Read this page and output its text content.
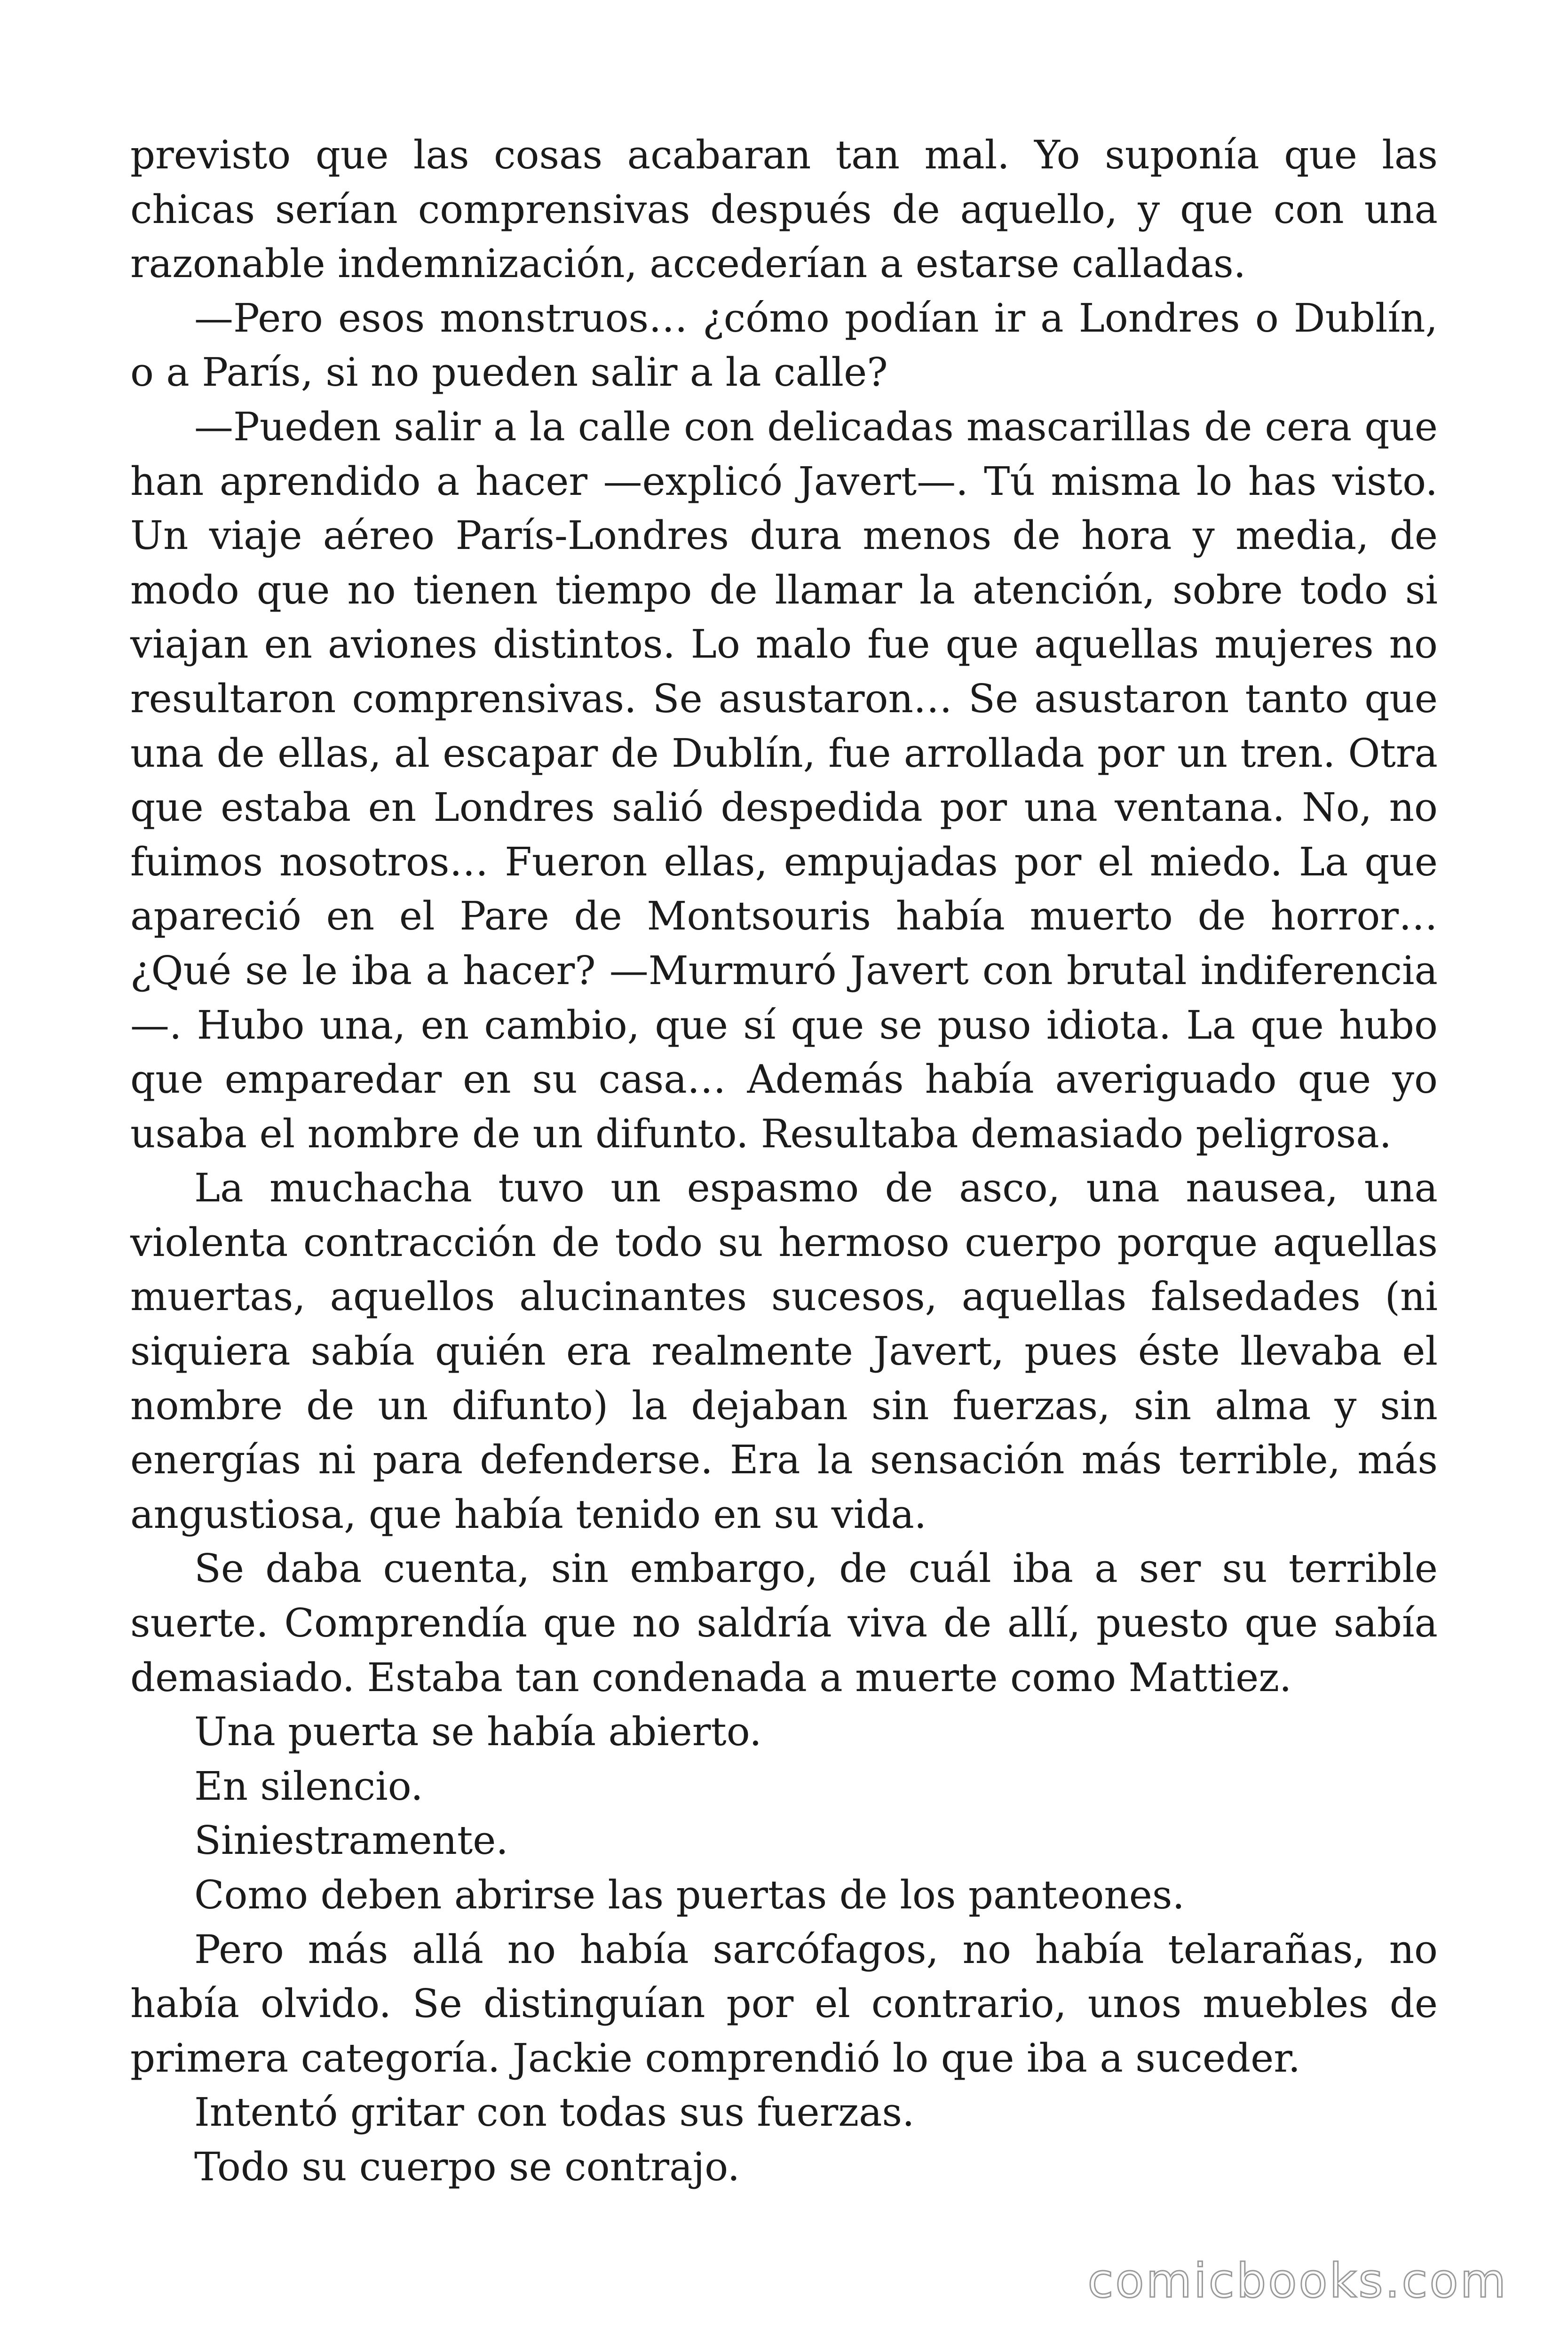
previsto que las cosas acabaran tan mal. Yo suponía que las chicas serían comprensivas después de aquello, y que con una razonable indemnización, accederían a estarse calladas.

—Pero esos monstruos… ¿cómo podían ir a Londres o Dublín, o a París, si no pueden salir a la calle?

—Pueden salir a la calle con delicadas mascarillas de cera que han aprendido a hacer —explicó Javert—. Tú misma lo has visto. Un viaje aéreo París-Londres dura menos de hora y media, de modo que no tienen tiempo de llamar la atención, sobre todo si viajan en aviones distintos. Lo malo fue que aquellas mujeres no resultaron comprensivas. Se asustaron… Se asustaron tanto que una de ellas, al escapar de Dublín, fue arrollada por un tren. Otra que estaba en Londres salió despedida por una ventana. No, no fuimos nosotros… Fueron ellas, empujadas por el miedo. La que apareció en el Pare de Montsouris había muerto de horror… ¿Qué se le iba a hacer? —Murmuró Javert con brutal indiferencia—. Hubo una, en cambio, que sí que se puso idiota. La que hubo que emparedar en su casa… Además había averiguado que yo usaba el nombre de un difunto. Resultaba demasiado peligrosa.

La muchacha tuvo un espasmo de asco, una nausea, una violenta contracción de todo su hermoso cuerpo porque aquellas muertas, aquellos alucinantes sucesos, aquellas falsedades (ni siquiera sabía quién era realmente Javert, pues éste llevaba el nombre de un difunto) la dejaban sin fuerzas, sin alma y sin energías ni para defenderse. Era la sensación más terrible, más angustiosa, que había tenido en su vida.

Se daba cuenta, sin embargo, de cuál iba a ser su terrible suerte. Comprendía que no saldría viva de allí, puesto que sabía demasiado. Estaba tan condenada a muerte como Mattiez.

Una puerta se había abierto.

En silencio.

Siniestramente.

Como deben abrirse las puertas de los panteones.

Pero más allá no había sarcófagos, no había telarañas, no había olvido. Se distinguían por el contrario, unos muebles de primera categoría. Jackie comprendió lo que iba a suceder.

Intentó gritar con todas sus fuerzas.

Todo su cuerpo se contrajo.

comicbooks.com
